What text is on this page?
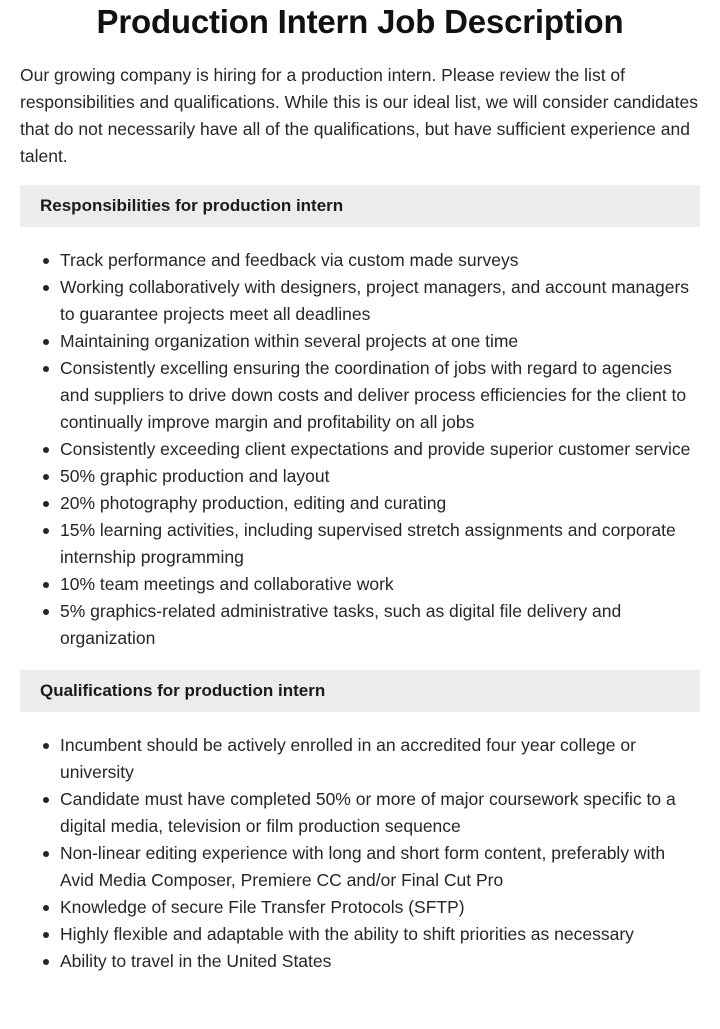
Production Intern Job Description

Our growing company is hiring for a production intern. Please review the list of responsibilities and qualifications. While this is our ideal list, we will consider candidates that do not necessarily have all of the qualifications, but have sufficient experience and talent.

Responsibilities for production intern
Track performance and feedback via custom made surveys
Working collaboratively with designers, project managers, and account managers to guarantee projects meet all deadlines
Maintaining organization within several projects at one time
Consistently excelling ensuring the coordination of jobs with regard to agencies and suppliers to drive down costs and deliver process efficiencies for the client to continually improve margin and profitability on all jobs
Consistently exceeding client expectations and provide superior customer service
50% graphic production and layout
20% photography production, editing and curating
15% learning activities, including supervised stretch assignments and corporate internship programming
10% team meetings and collaborative work
5% graphics-related administrative tasks, such as digital file delivery and organization
Qualifications for production intern
Incumbent should be actively enrolled in an accredited four year college or university
Candidate must have completed 50% or more of major coursework specific to a digital media, television or film production sequence
Non-linear editing experience with long and short form content, preferably with Avid Media Composer, Premiere CC and/or Final Cut Pro
Knowledge of secure File Transfer Protocols (SFTP)
Highly flexible and adaptable with the ability to shift priorities as necessary
Ability to travel in the United States
